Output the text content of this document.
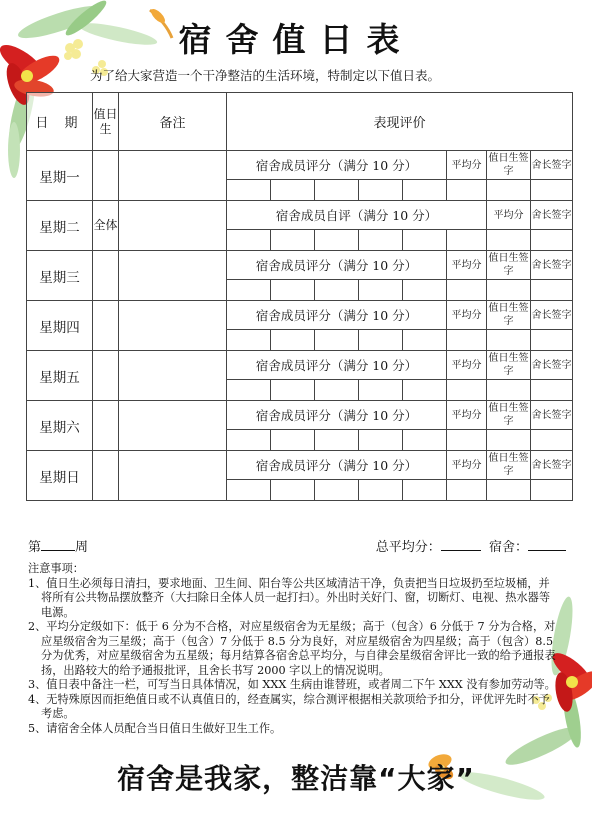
宿舍值日表
为了给大家营造一个干净整洁的生活环境，特制定以下值日表。
日 期	值日生	备注	表现评价							
星期一			宿舍成员评分（满分 10 分）					平均分	值日生签字	舍长签字

星期二	全体		宿舍成员自评（满分 10 分）						平均分	舍长签字

星期三			宿舍成员评分（满分 10 分）					平均分	值日生签字	舍长签字

星期四			宿舍成员评分（满分 10 分）					平均分	值日生签字	舍长签字

星期五			宿舍成员评分（满分 10 分）					平均分	值日生签字	舍长签字

星期六			宿舍成员评分（满分 10 分）					平均分	值日生签字	舍长签字

星期日			宿舍成员评分（满分 10 分）					平均分	值日生签字	舍长签字

第	周	总平均分：	宿舍：
注意事项：
1、值日生必须每日清扫，要求地面、卫生间、阳台等公共区域清洁干净，负责把当日垃圾扔至垃圾桶，并将所有公共物品摆放整齐（大扫除日全体人员一起打扫）。外出时关好门、窗，切断灯、电视、热水器等电源。
2、平均分定级如下：低于 6 分为不合格，对应星级宿舍为无星级；高于（包含）6 分低于 7 分为合格，对应星级宿舍为三星级；高于（包含）7 分低于 8.5 分为良好，对应星级宿舍为四星级；高于（包含）8.5 分为优秀，对应星级宿舍为五星级；每月结算各宿舍总平均分，与自律会星级宿舍评比一致的给予通报表扬，出路较大的给予通报批评，且舍长书写 2000 字以上的情况说明。
3、值日表中备注一栏，可写当日具体情况，如 XXX 生病由谁替班，或者周二下午 XXX 没有参加劳动等。
4、无特殊原因而拒绝值日或不认真值日的，经查属实，综合测评根据相关款项给予扣分，评优评先时不予考虑。
5、请宿舍全体人员配合当日值日生做好卫生工作。
宿舍是我家，整洁靠“大家”
